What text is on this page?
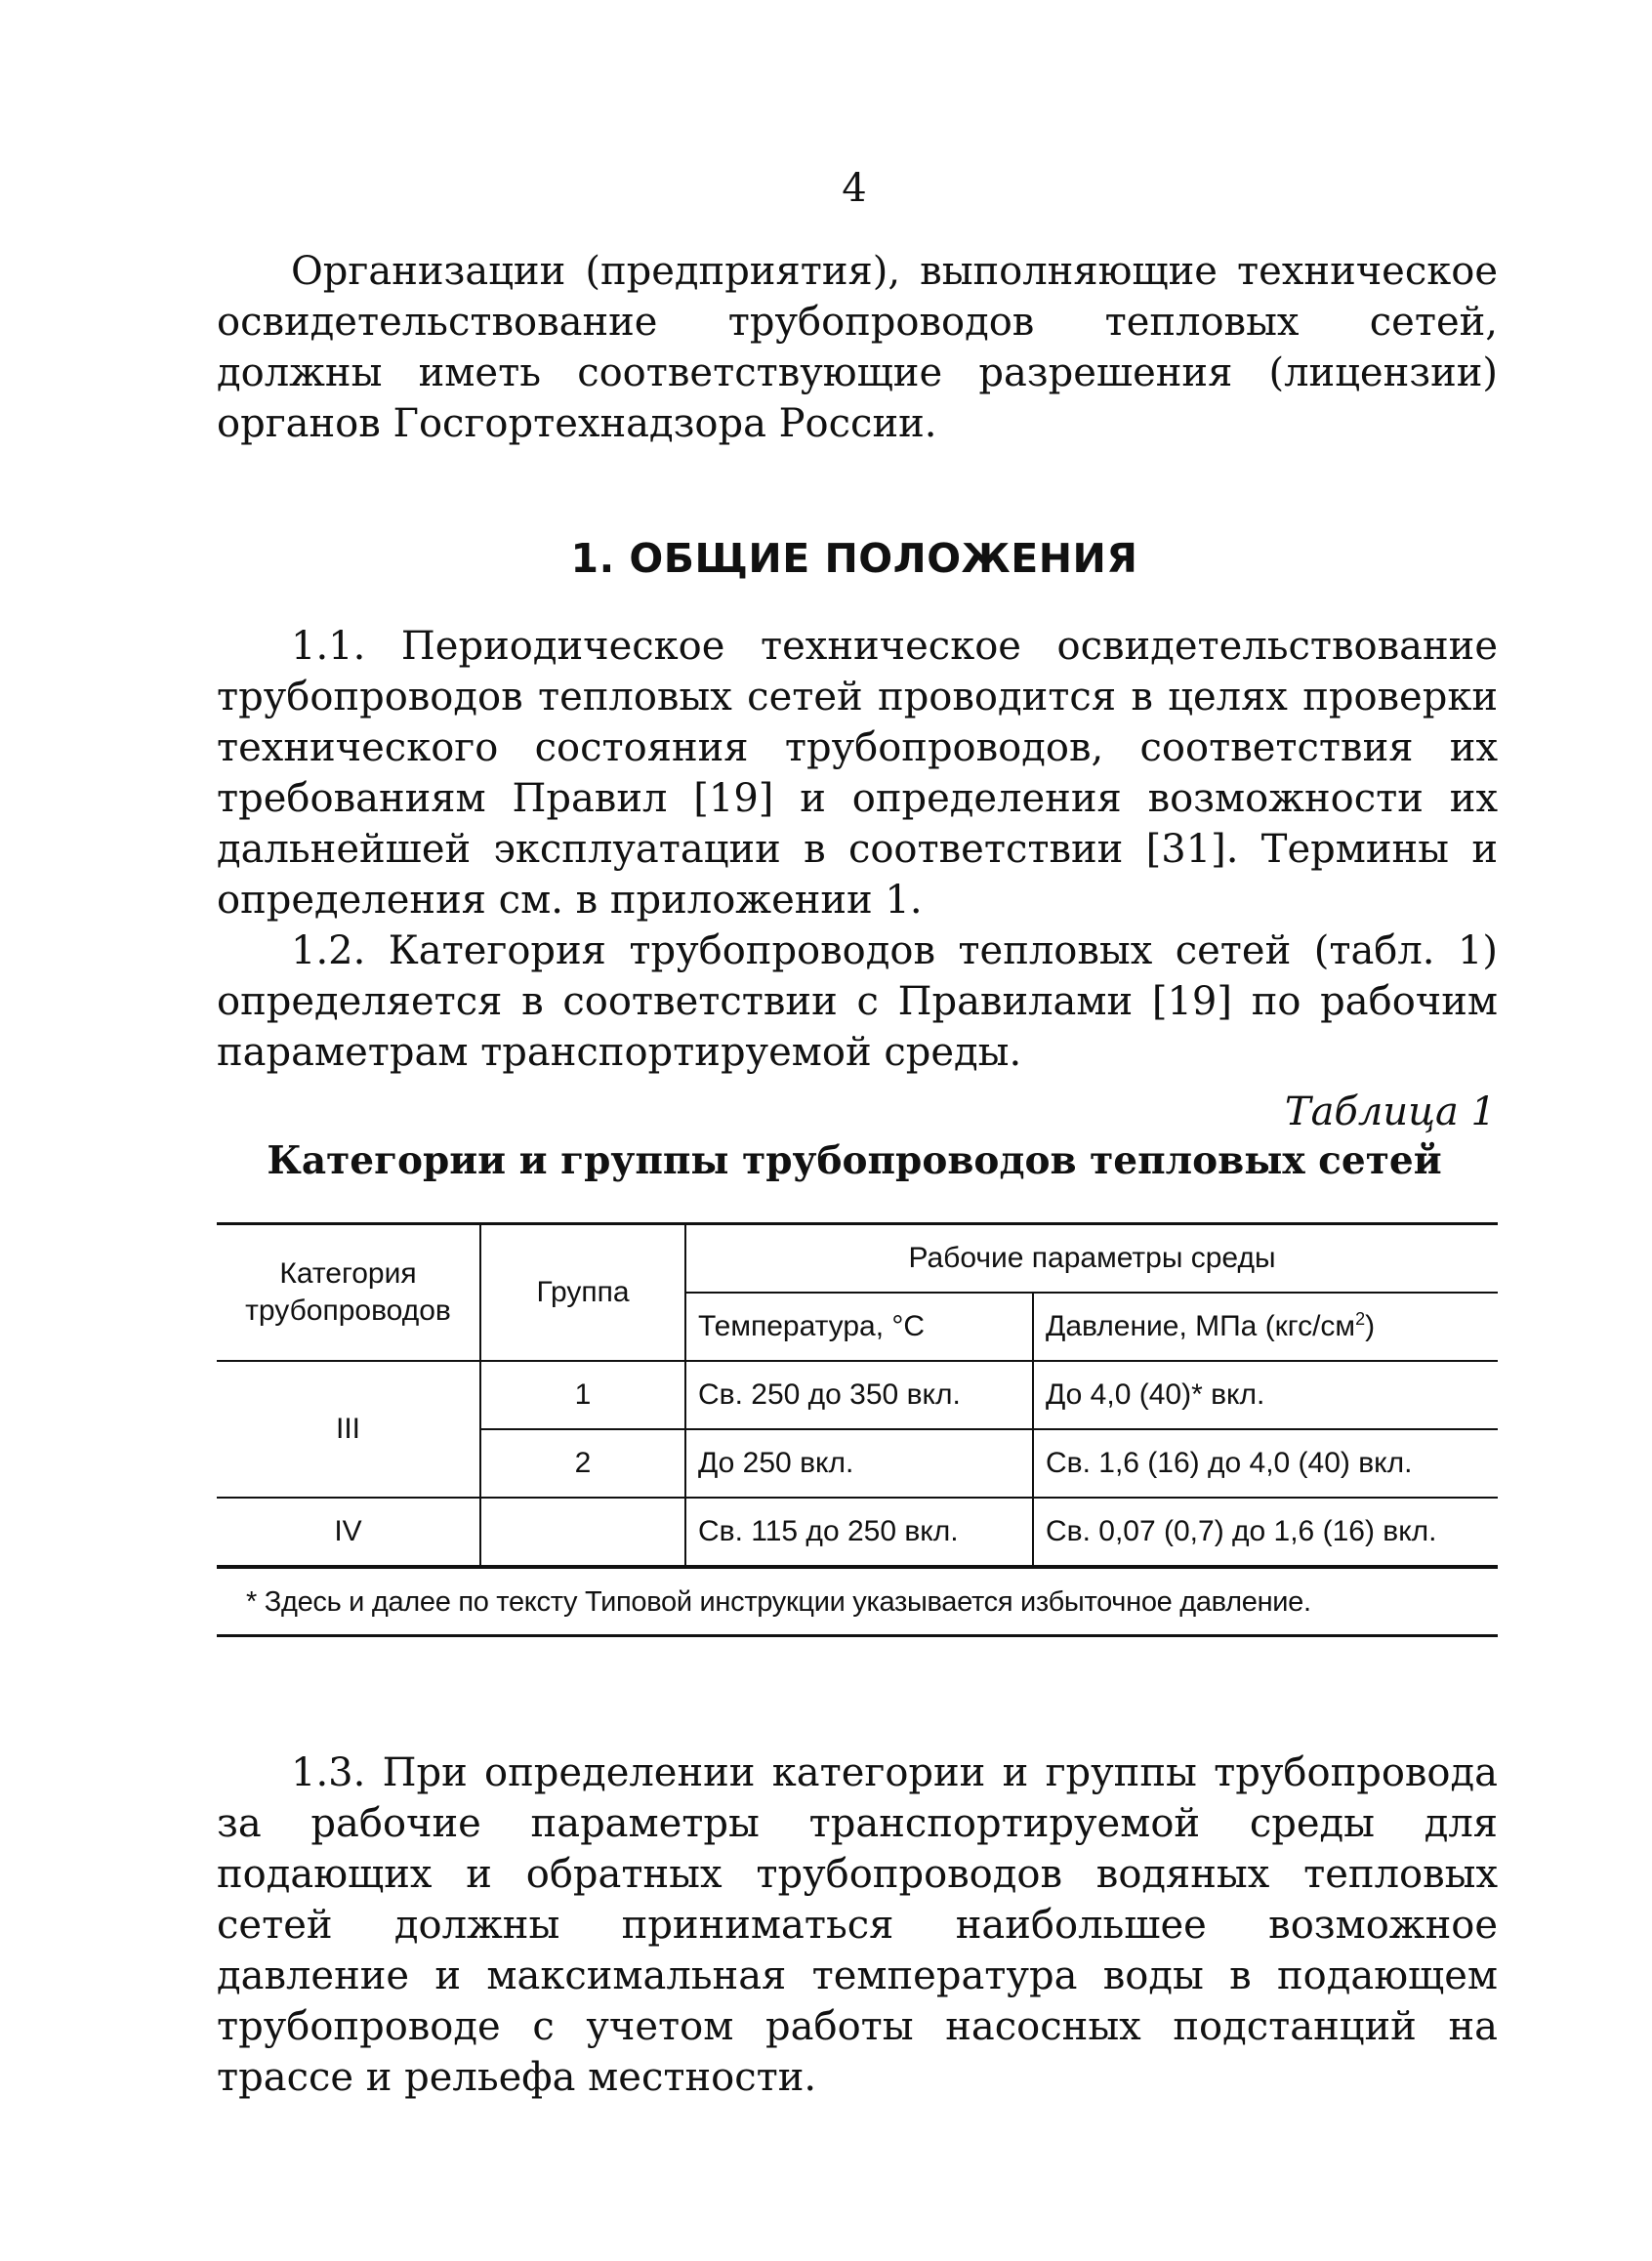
4

Организации (предприятия), выполняющие техническое освидетельствование трубопроводов тепловых сетей, должны иметь соответствующие разрешения (лицензии) органов Госгортехнадзора России.

1. ОБЩИЕ ПОЛОЖЕНИЯ

1.1. Периодическое техническое освидетельствование трубопроводов тепловых сетей проводится в целях проверки технического состояния трубопроводов, соответствия их требованиям Правил [19] и определения возможности их дальнейшей эксплуатации в соответствии [31]. Термины и определения см. в приложении 1.

1.2. Категория трубопроводов тепловых сетей (табл. 1) определяется в соответствии с Правилами [19] по рабочим параметрам транспортируемой среды.

Таблица 1
Категории и группы трубопроводов тепловых сетей
Категория
трубопроводов	Группа	Рабочие параметры среды	
		Температура, °С	Давление, МПа $(кгс/см^2)$
III	1	Св. 250 до 350 вкл.	До 4,0 (40)* вкл.
	2	До 250 вкл.	Св. 1,6 (16) до 4,0 (40) вкл.
IV		Св. 115 до 250 вкл.	Св. 0,07 (0,7) до 1,6 (16) вкл.
* Здесь и далее по тексту Типовой инструкции указывается избыточное давление.

1.3. При определении категории и группы трубопровода за рабочие параметры транспортируемой среды для подающих и обратных трубопроводов водяных тепловых сетей должны приниматься наибольшее возможное давление и максимальная температура воды в подающем трубопроводе с учетом работы насосных подстанций на трассе и рельефа местности.
